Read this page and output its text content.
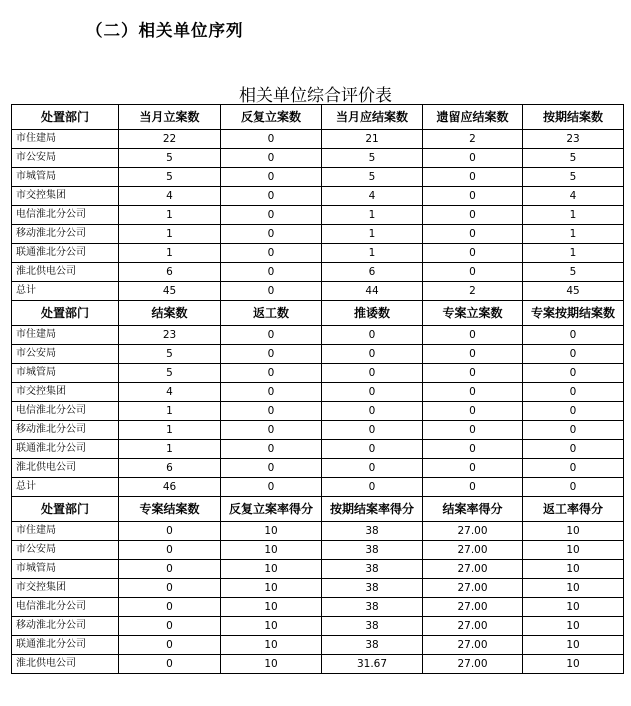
（二）相关单位序列
相关单位综合评价表
处置部门	当月立案数	反复立案数	当月应结案数	遗留应结案数	按期结案数
市住建局	22	0	21	2	23
市公安局	5	0	5	0	5
市城管局	5	0	5	0	5
市交控集团	4	0	4	0	4
电信淮北分公司	1	0	1	0	1
移动淮北分公司	1	0	1	0	1
联通淮北分公司	1	0	1	0	1
淮北供电公司	6	0	6	0	5
总计	45	0	44	2	45
处置部门	结案数	返工数	推诿数	专案立案数	专案按期结案数
市住建局	23	0	0	0	0
市公安局	5	0	0	0	0
市城管局	5	0	0	0	0
市交控集团	4	0	0	0	0
电信淮北分公司	1	0	0	0	0
移动淮北分公司	1	0	0	0	0
联通淮北分公司	1	0	0	0	0
淮北供电公司	6	0	0	0	0
总计	46	0	0	0	0
处置部门	专案结案数	反复立案率得分	按期结案率得分	结案率得分	返工率得分
市住建局	0	10	38	27.00	10
市公安局	0	10	38	27.00	10
市城管局	0	10	38	27.00	10
市交控集团	0	10	38	27.00	10
电信淮北分公司	0	10	38	27.00	10
移动淮北分公司	0	10	38	27.00	10
联通淮北分公司	0	10	38	27.00	10
淮北供电公司	0	10	31.67	27.00	10
